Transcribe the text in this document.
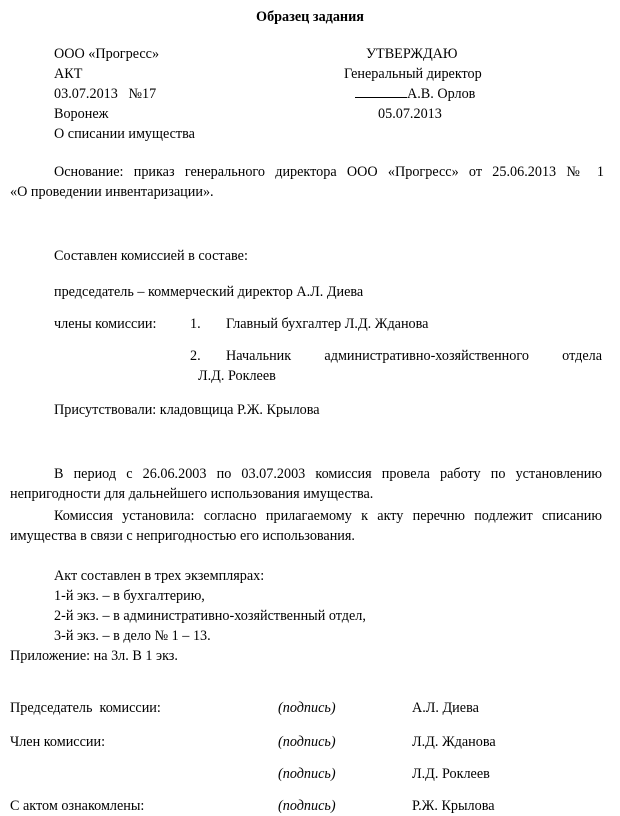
Образец задания
ООО «Прогресс»
АКТ
03.07.2013   №17
Воронеж
О списании имущества
УТВЕРЖДАЮ
Генеральный директор
А.В. Орлов
05.07.2013
Основание: приказ генерального директора ООО «Прогресс» от 25.06.2013 № 1
«О проведении инвентаризации».
Составлен комиссией в составе:
председатель – коммерческий директор А.Л. Диева
члены комиссии: 1. Главный бухгалтер Л.Д. Жданова
2. Начальник административно-хозяйственного отдела
Л.Д. Роклеев
Присутствовали: кладовщица Р.Ж. Крылова
В период с 26.06.2003 по 03.07.2003 комиссия провела работу по установлению
непригодности для дальнейшего использования имущества.
Комиссия установила: согласно прилагаемому к акту перечню подлежит списанию
имущества в связи с непригодностью его использования.
Акт составлен в трех экземплярах:
1-й экз. – в бухгалтерию,
2-й экз. – в административно-хозяйственный отдел,
3-й экз. – в дело № 1 – 13.
Приложение: на 3л. В 1 экз.
Председатель  комиссии:	(подпись)	А.Л. Диева
Член комиссии:	(подпись)	Л.Д. Жданова
(подпись)	Л.Д. Роклеев
С актом ознакомлены:	(подпись)	Р.Ж. Крылова
